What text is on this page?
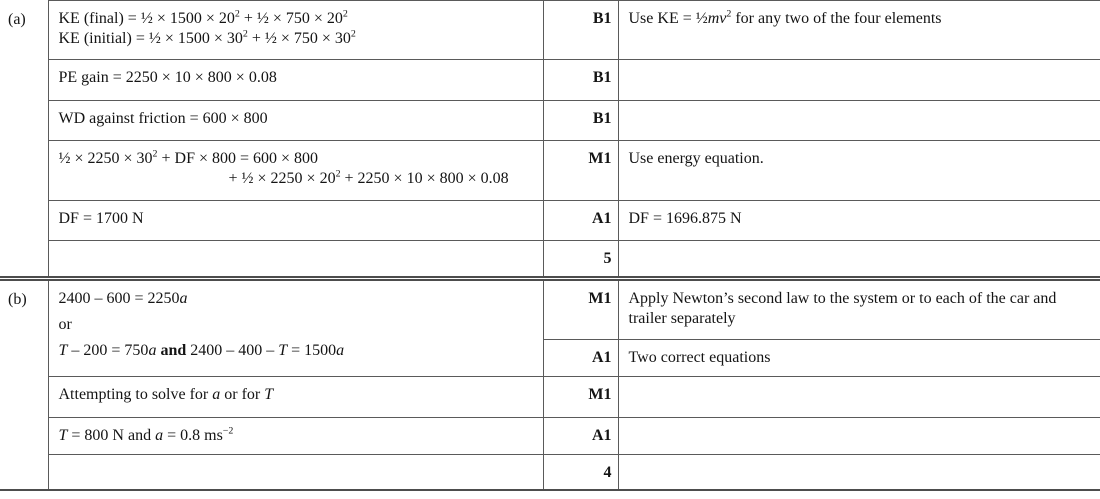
(a)	KE (final) = ½ × $1500 \times 20^2$ + ½ × $750 \times 20^2$
KE (initial) = ½ × $1500 \times 30^2$ + ½ × $750 \times 30^2$	B1	Use KE = $\frac{1}{2}mv^2$ for any two of the four elements
	PE gain = 2250 × 10 × 800 × 0.08	B1	
	WD against friction = 600 × 800	B1	

	½ × $2250 \times 30^2$ + DF × 800 = 600 × 800
+ ½ × $2250 \times 20^2 + 2250 \times 10 \times 800 \times 0.08$	M1	Use energy equation.
	DF = 1700 N	A1	DF = 1696.875 N
		5	
(b)	2400 – 600 = 2250a
or
T – 200 = 750a and 2400 – 400 – T = 1500a	M1	Apply Newton’s second law to the system or to each of the car and trailer separately
		A1	Two correct equations
	Attempting to solve for a or for T	M1	
	T = 800 N and a = 0.8 $ms^{-2}$	A1	
		4	
